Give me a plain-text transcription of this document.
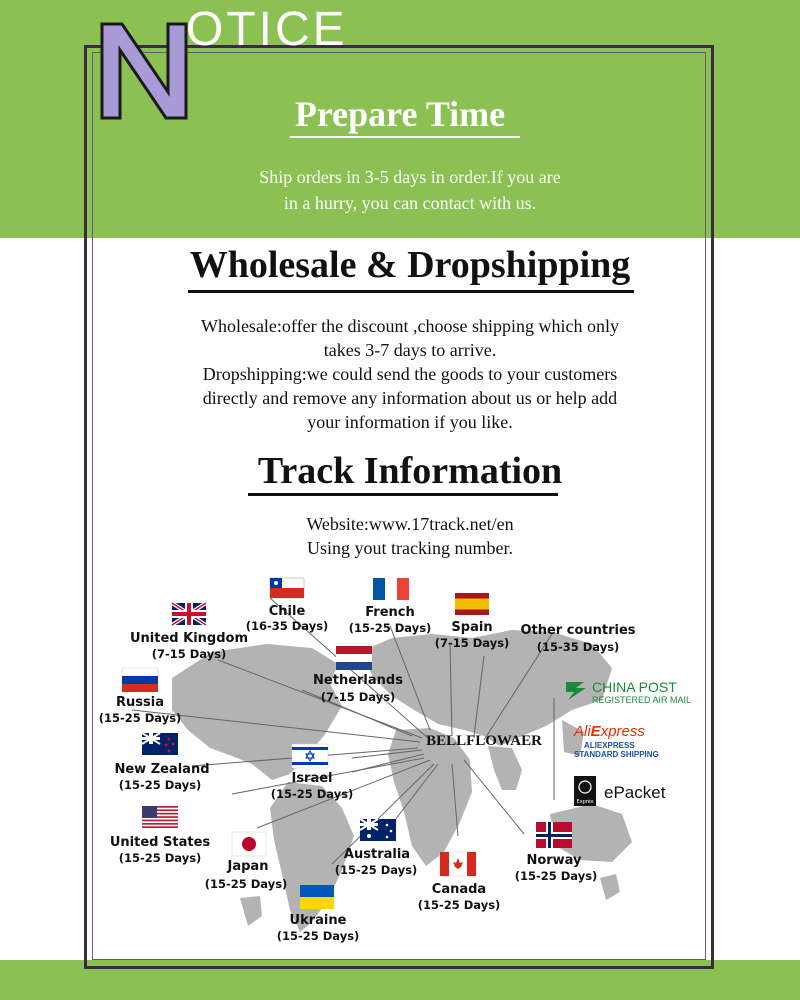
N OTICE
Prepare Time
Ship orders in 3-5 days in order.If you are
in a hurry, you can contact with us.
Wholesale & Dropshipping
Wholesale:offer the discount ,choose shipping which only
takes 3-7 days to arrive.
Dropshipping:we could send the goods to your customers
directly and remove any information about us or help add
your information if you like.
Track Information
Website:www.17track.net/en
Using yout tracking number.
BELLFLOWAER
Chile
(16-35 Days)
French
(15-25 Days) Spain
(7-15 Days)
Other countries
(15-35 Days)
United Kingdom
(7-15 Days)
Netherlands
(7-15 Days)
Russia
(15-25 Days)
New Zealand
(15-25 Days)	Israel
(15-25 Days)
United States
(15-25 Days)
Japan
(15-25 Days)
Australia
(15-25 Days)
Canada
(15-25 Days)
Norway
(15-25 Days)
Ukraine
(15-25 Days)
CHINA POST
REGISTERED AIR MAIL
AliExpress
ALIEXPRESS
STANDARD SHIPPING
Exprès ePacket
